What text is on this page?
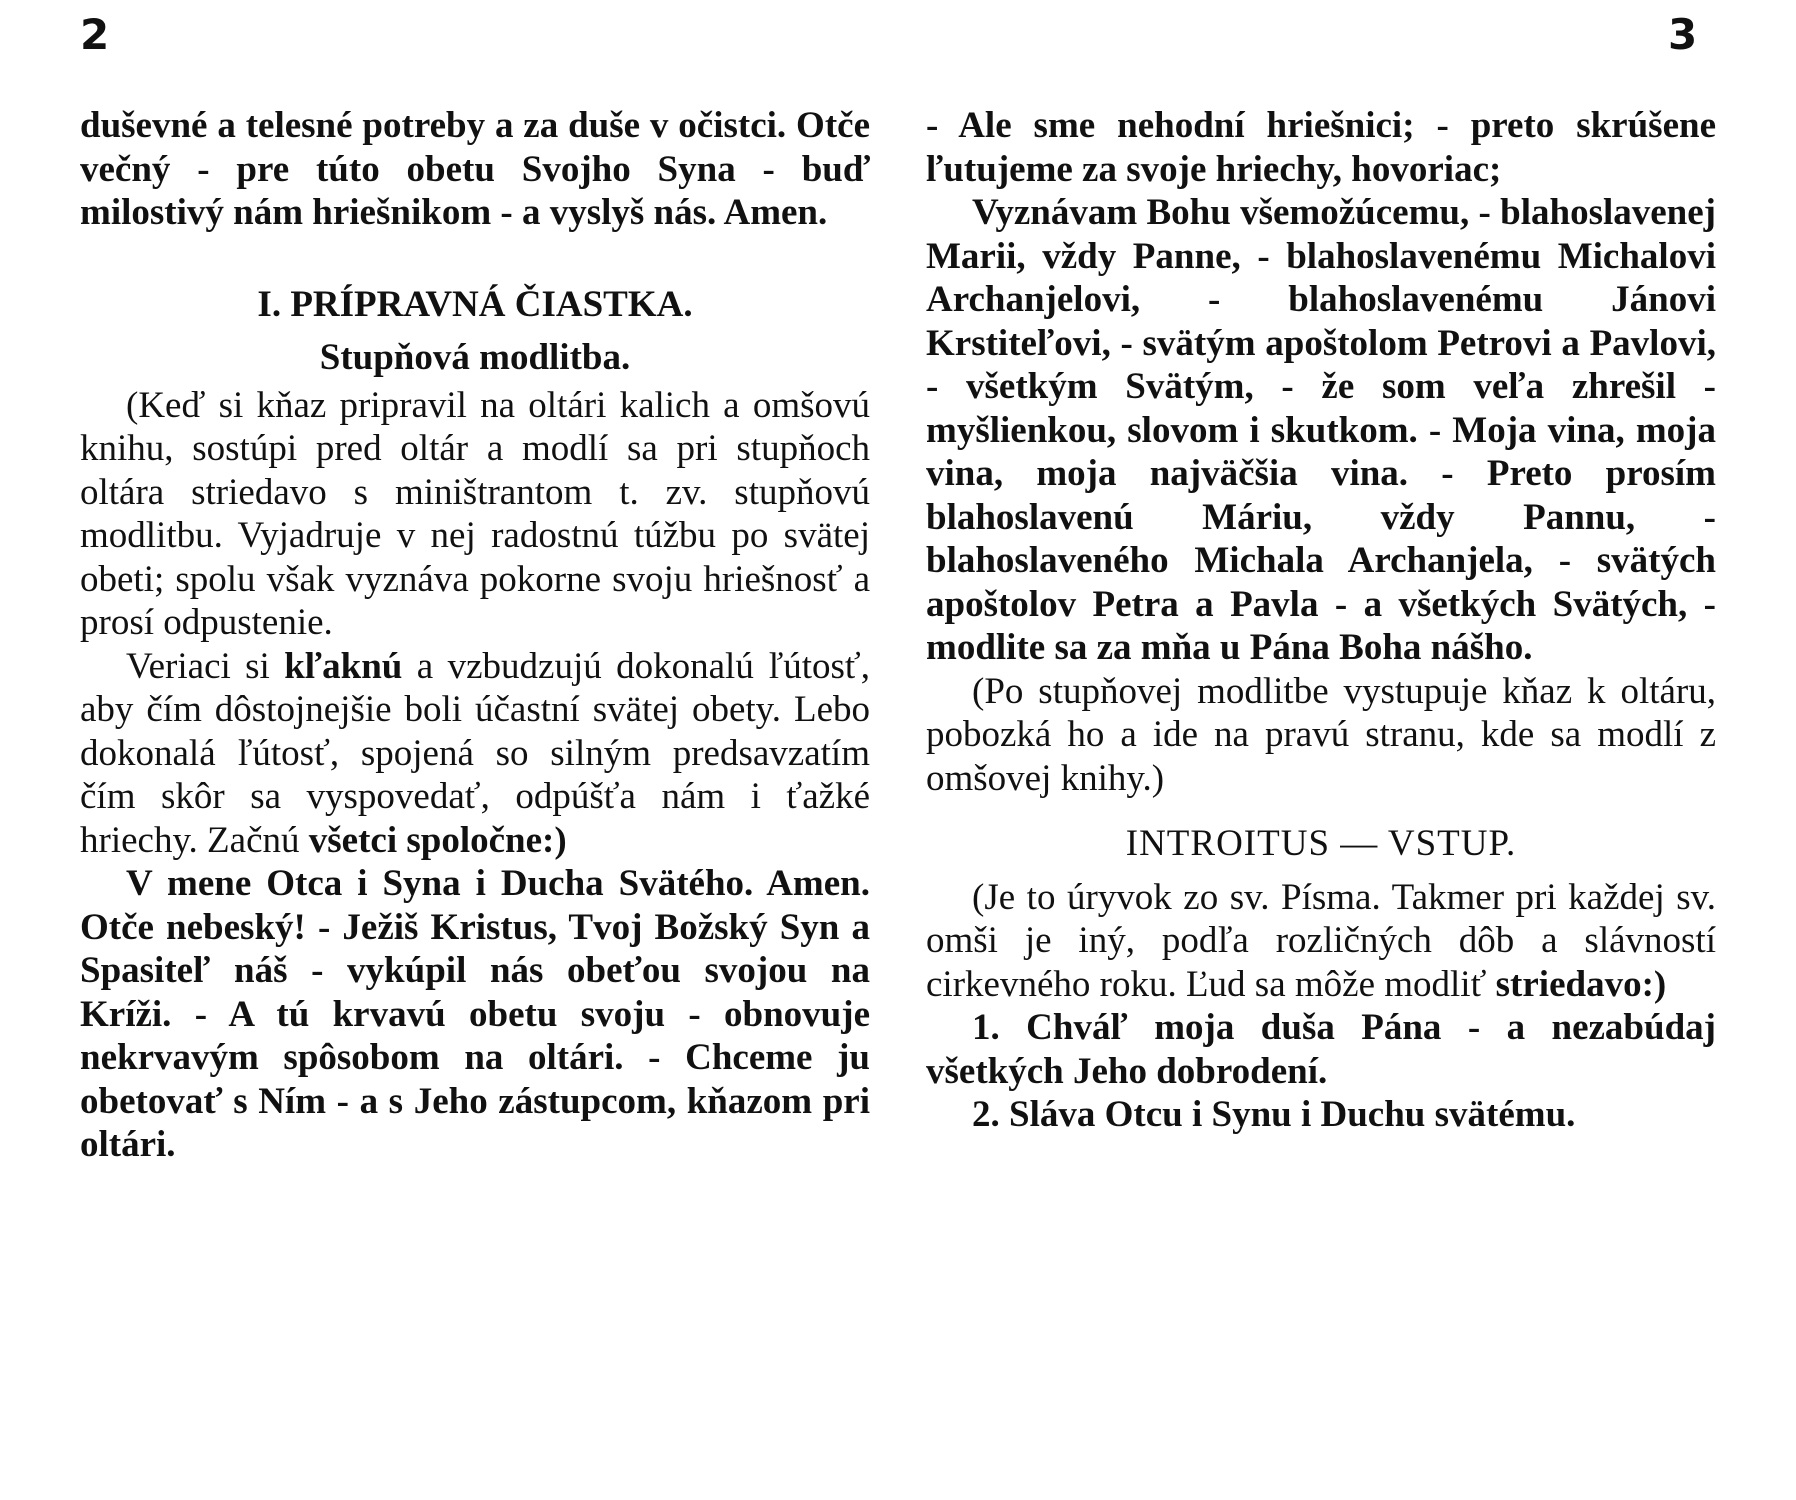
2	3

duševné a telesné potreby a za duše v očistci. Otče večný - pre túto obetu Svojho Syna - buď milostivý nám hriešnikom - a vyslyš nás. Amen.

I. PRÍPRAVNÁ ČIASTKA.

Stupňová modlitba.

(Keď si kňaz pripravil na oltári kalich a omšovú knihu, sostúpi pred oltár a modlí sa pri stupňoch oltára striedavo s miništrantom t. zv. stupňovú modlitbu. Vyjadruje v nej radostnú túžbu po svätej obeti; spolu však vyznáva pokorne svoju hriešnosť a prosí odpustenie.

Veriaci si kľaknú a vzbudzujú dokonalú ľútosť, aby čím dôstojnejšie boli účastní svätej obety. Lebo dokonalá ľútosť, spojená so silným predsavzatím čím skôr sa vyspovedať, odpúšťa nám i ťažké hriechy. Začnú všetci spoločne:)

V mene Otca i Syna i Ducha Svätého. Amen. Otče nebeský! - Ježiš Kristus, Tvoj Božský Syn a Spasiteľ náš - vykúpil nás obeťou svojou na Kríži. - A tú krvavú obetu svoju - obnovuje nekrvavým spôsobom na oltári. - Chceme ju obetovať s Ním - a s Jeho zástupcom, kňazom pri oltári.

- Ale sme nehodní hriešnici; - preto skrúšene ľutujeme za svoje hriechy, hovoriac;

Vyznávam Bohu všemožúcemu, - blahoslavenej Marii, vždy Panne, - blahoslavenému Michalovi Archanjelovi, - blahoslavenému Jánovi Krstiteľovi, - svätým apoštolom Petrovi a Pavlovi, - všetkým Svätým, - že som veľa zhrešil - myšlienkou, slovom i skutkom. - Moja vina, moja vina, moja najväčšia vina. - Preto prosím blahoslavenú Máriu, vždy Pannu, - blahoslaveného Michala Archanjela, - svätých apoštolov Petra a Pavla - a všetkých Svätých, - modlite sa za mňa u Pána Boha nášho.

(Po stupňovej modlitbe vystupuje kňaz k oltáru, pobozká ho a ide na pravú stranu, kde sa modlí z omšovej knihy.)

INTROITUS — VSTUP.

(Je to úryvok zo sv. Písma. Takmer pri každej sv. omši je iný, podľa rozličných dôb a slávností cirkevného roku. Ľud sa môže modliť striedavo:)

1. Chváľ moja duša Pána - a nezabúdaj všetkých Jeho dobrodení.

2. Sláva Otcu i Synu i Duchu svätému.
